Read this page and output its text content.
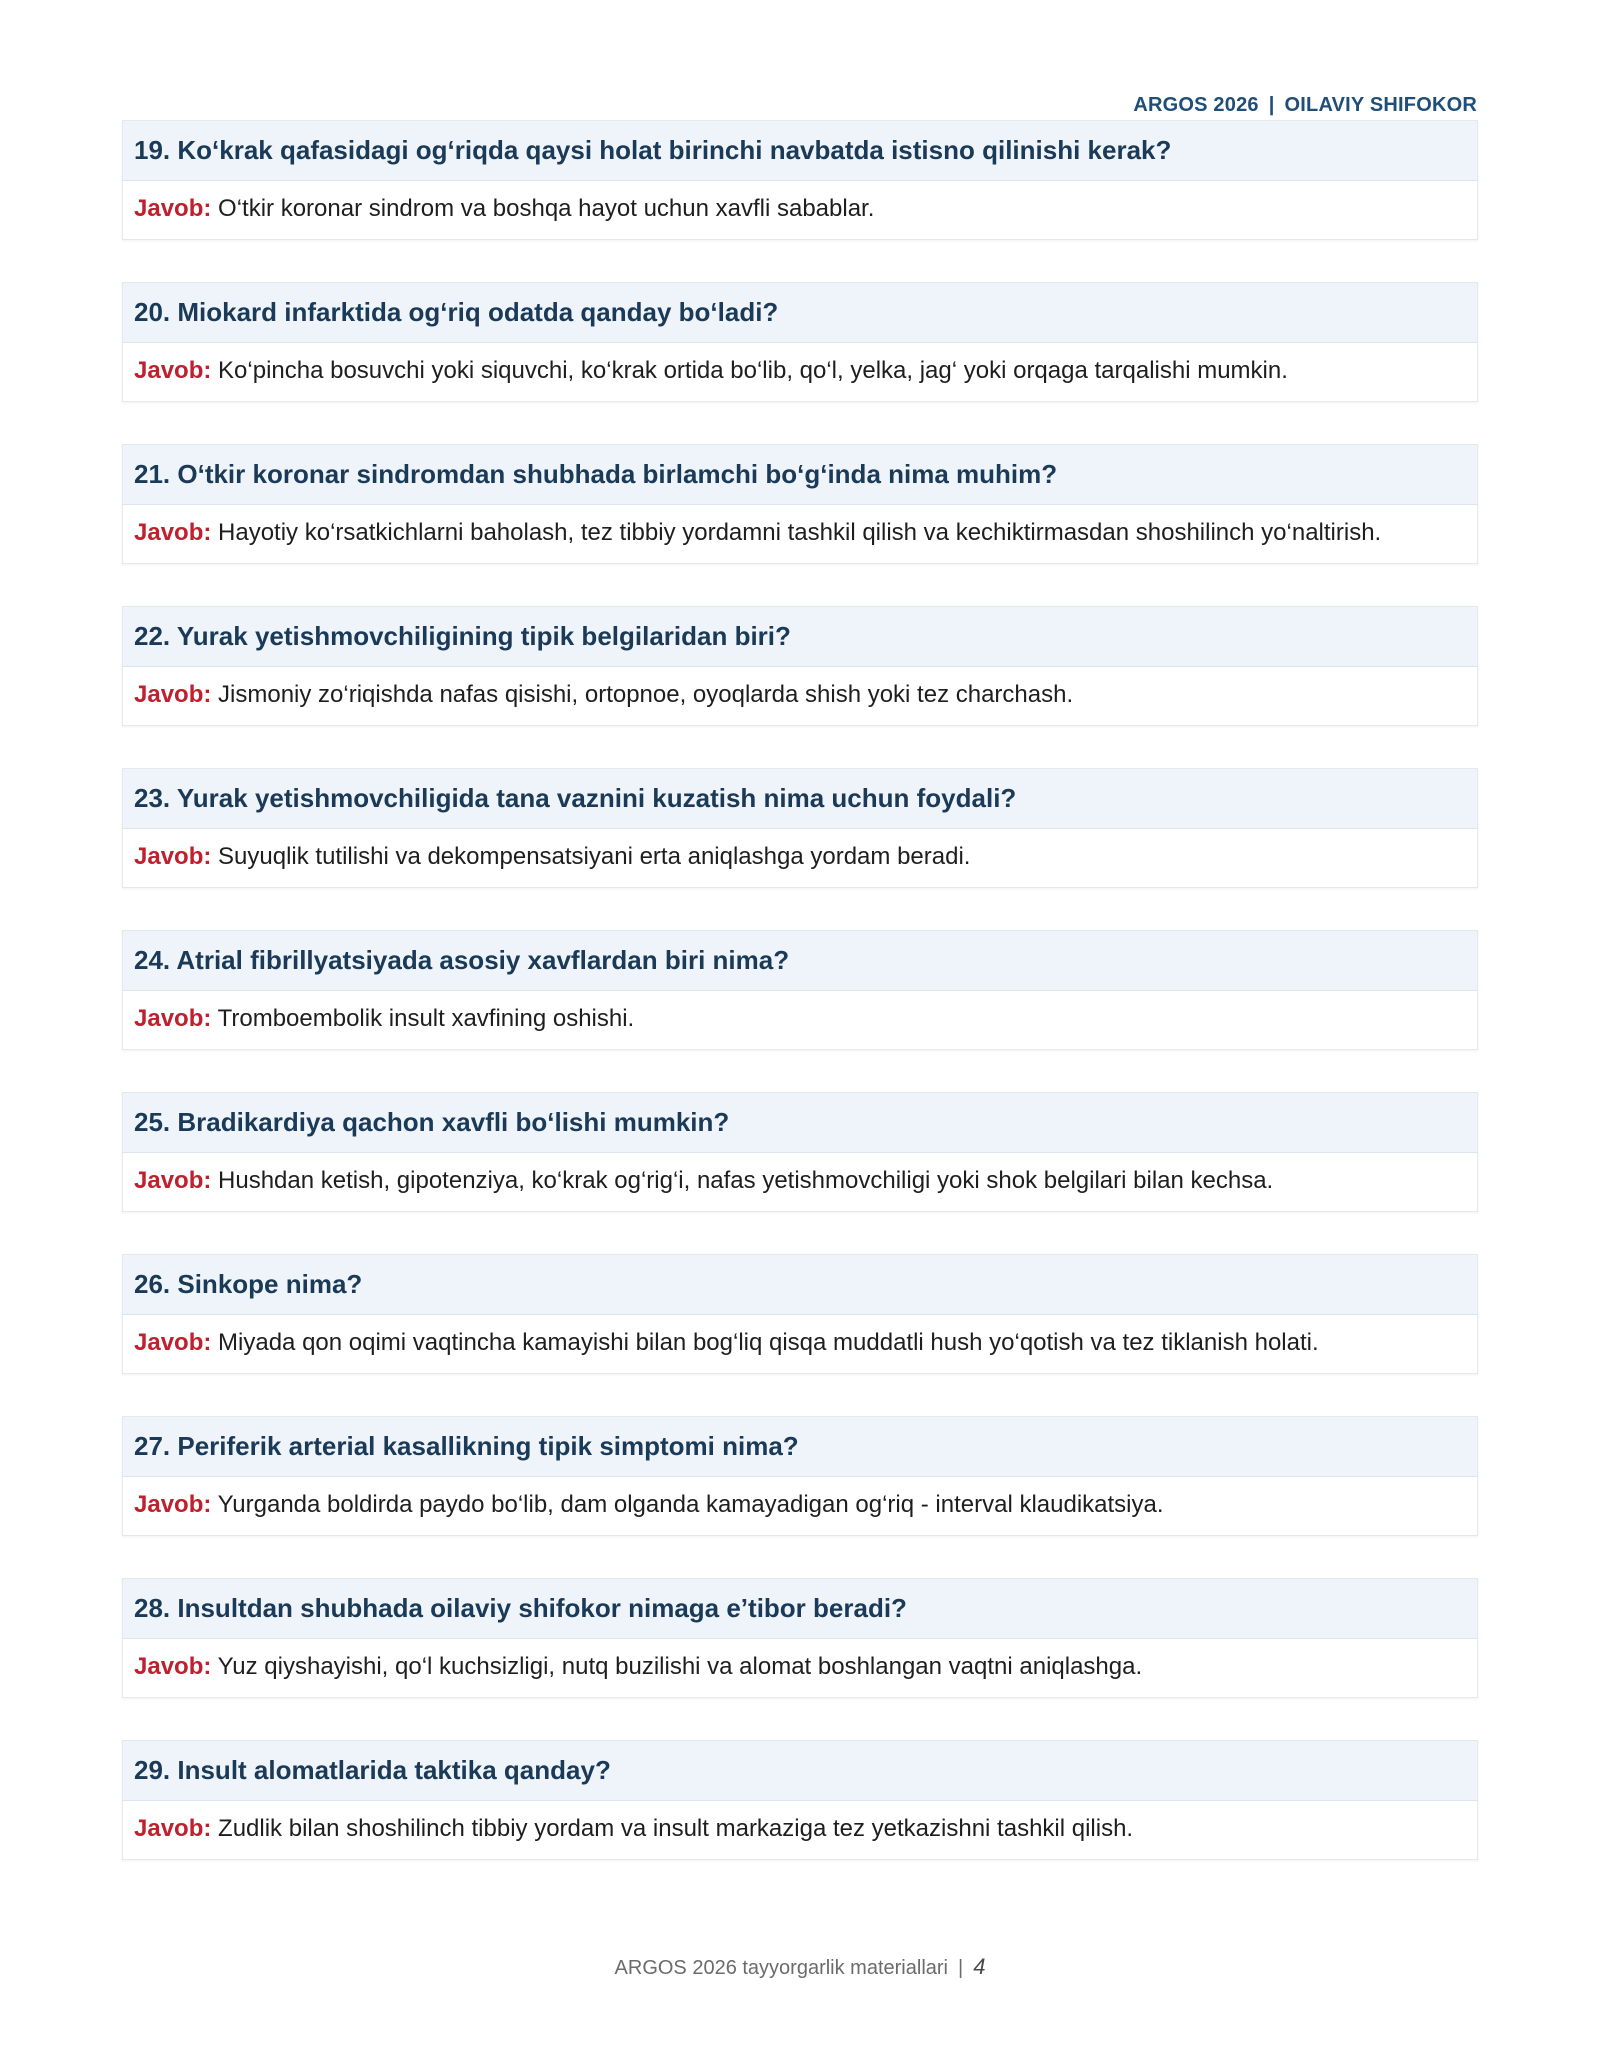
ARGOS 2026 | OILAVIY SHIFOKOR
19. Ko‘krak qafasidagi og‘riqda qaysi holat birinchi navbatda istisno qilinishi kerak?
Javob: O‘tkir koronar sindrom va boshqa hayot uchun xavfli sabablar.
20. Miokard infarktida og‘riq odatda qanday bo‘ladi?
Javob: Ko‘pincha bosuvchi yoki siquvchi, ko‘krak ortida bo‘lib, qo‘l, yelka, jag‘ yoki orqaga tarqalishi mumkin.
21. O‘tkir koronar sindromdan shubhada birlamchi bo‘g‘inda nima muhim?
Javob: Hayotiy ko‘rsatkichlarni baholash, tez tibbiy yordamni tashkil qilish va kechiktirmasdan shoshilinch yo‘naltirish.
22. Yurak yetishmovchiligining tipik belgilaridan biri?
Javob: Jismoniy zo‘riqishda nafas qisishi, ortopnoe, oyoqlarda shish yoki tez charchash.
23. Yurak yetishmovchiligida tana vaznini kuzatish nima uchun foydali?
Javob: Suyuqlik tutilishi va dekompensatsiyani erta aniqlashga yordam beradi.
24. Atrial fibrillyatsiyada asosiy xavflardan biri nima?
Javob: Tromboembolik insult xavfining oshishi.
25. Bradikardiya qachon xavfli bo‘lishi mumkin?
Javob: Hushdan ketish, gipotenziya, ko‘krak og‘rig‘i, nafas yetishmovchiligi yoki shok belgilari bilan kechsa.
26. Sinkope nima?
Javob: Miyada qon oqimi vaqtincha kamayishi bilan bog‘liq qisqa muddatli hush yo‘qotish va tez tiklanish holati.
27. Periferik arterial kasallikning tipik simptomi nima?
Javob: Yurganda boldirda paydo bo‘lib, dam olganda kamayadigan og‘riq - interval klaudikatsiya.
28. Insultdan shubhada oilaviy shifokor nimaga e’tibor beradi?
Javob: Yuz qiyshayishi, qo‘l kuchsizligi, nutq buzilishi va alomat boshlangan vaqtni aniqlashga.
29. Insult alomatlarida taktika qanday?
Javob: Zudlik bilan shoshilinch tibbiy yordam va insult markaziga tez yetkazishni tashkil qilish.
ARGOS 2026 tayyorgarlik materiallari | 4
